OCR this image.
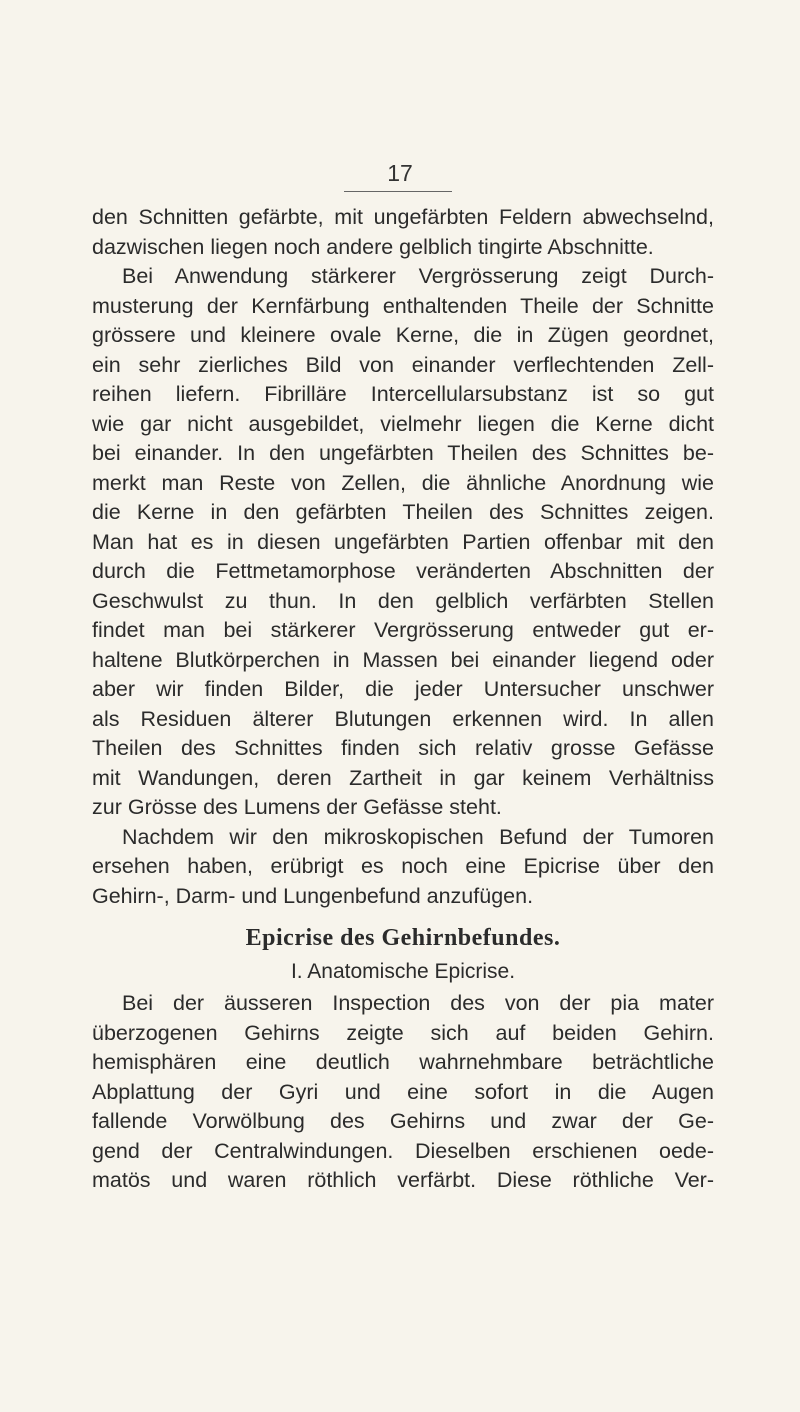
17

den Schnitten gefärbte, mit ungefärbten Feldern abwechselnd,
dazwischen liegen noch andere gelblich tingirte Abschnitte.

Bei Anwendung stärkerer Vergrösserung zeigt Durch-
musterung der Kernfärbung enthaltenden Theile der Schnitte
grössere und kleinere ovale Kerne, die in Zügen geordnet,
ein sehr zierliches Bild von einander verflechtenden Zell-
reihen liefern. Fibrilläre Intercellularsubstanz ist so gut
wie gar nicht ausgebildet, vielmehr liegen die Kerne dicht
bei einander. In den ungefärbten Theilen des Schnittes be-
merkt man Reste von Zellen, die ähnliche Anordnung wie
die Kerne in den gefärbten Theilen des Schnittes zeigen.
Man hat es in diesen ungefärbten Partien offenbar mit den
durch die Fettmetamorphose veränderten Abschnitten der
Geschwulst zu thun. In den gelblich verfärbten Stellen
findet man bei stärkerer Vergrösserung entweder gut er-
haltene Blutkörperchen in Massen bei einander liegend oder
aber wir finden Bilder, die jeder Untersucher unschwer
als Residuen älterer Blutungen erkennen wird. In allen
Theilen des Schnittes finden sich relativ grosse Gefässe
mit Wandungen, deren Zartheit in gar keinem Verhältniss
zur Grösse des Lumens der Gefässe steht.

Nachdem wir den mikroskopischen Befund der Tumoren
ersehen haben, erübrigt es noch eine Epicrise über den
Gehirn-, Darm- und Lungenbefund anzufügen.

Epicrise des Gehirnbefundes.
I. Anatomische Epicrise.

Bei der äusseren Inspection des von der pia mater
überzogenen Gehirns zeigte sich auf beiden Gehirn.
hemisphären eine deutlich wahrnehmbare beträchtliche
Abplattung der Gyri und eine sofort in die Augen
fallende Vorwölbung des Gehirns und zwar der Ge-
gend der Centralwindungen. Dieselben erschienen oede-
matös und waren röthlich verfärbt. Diese röthliche Ver-
